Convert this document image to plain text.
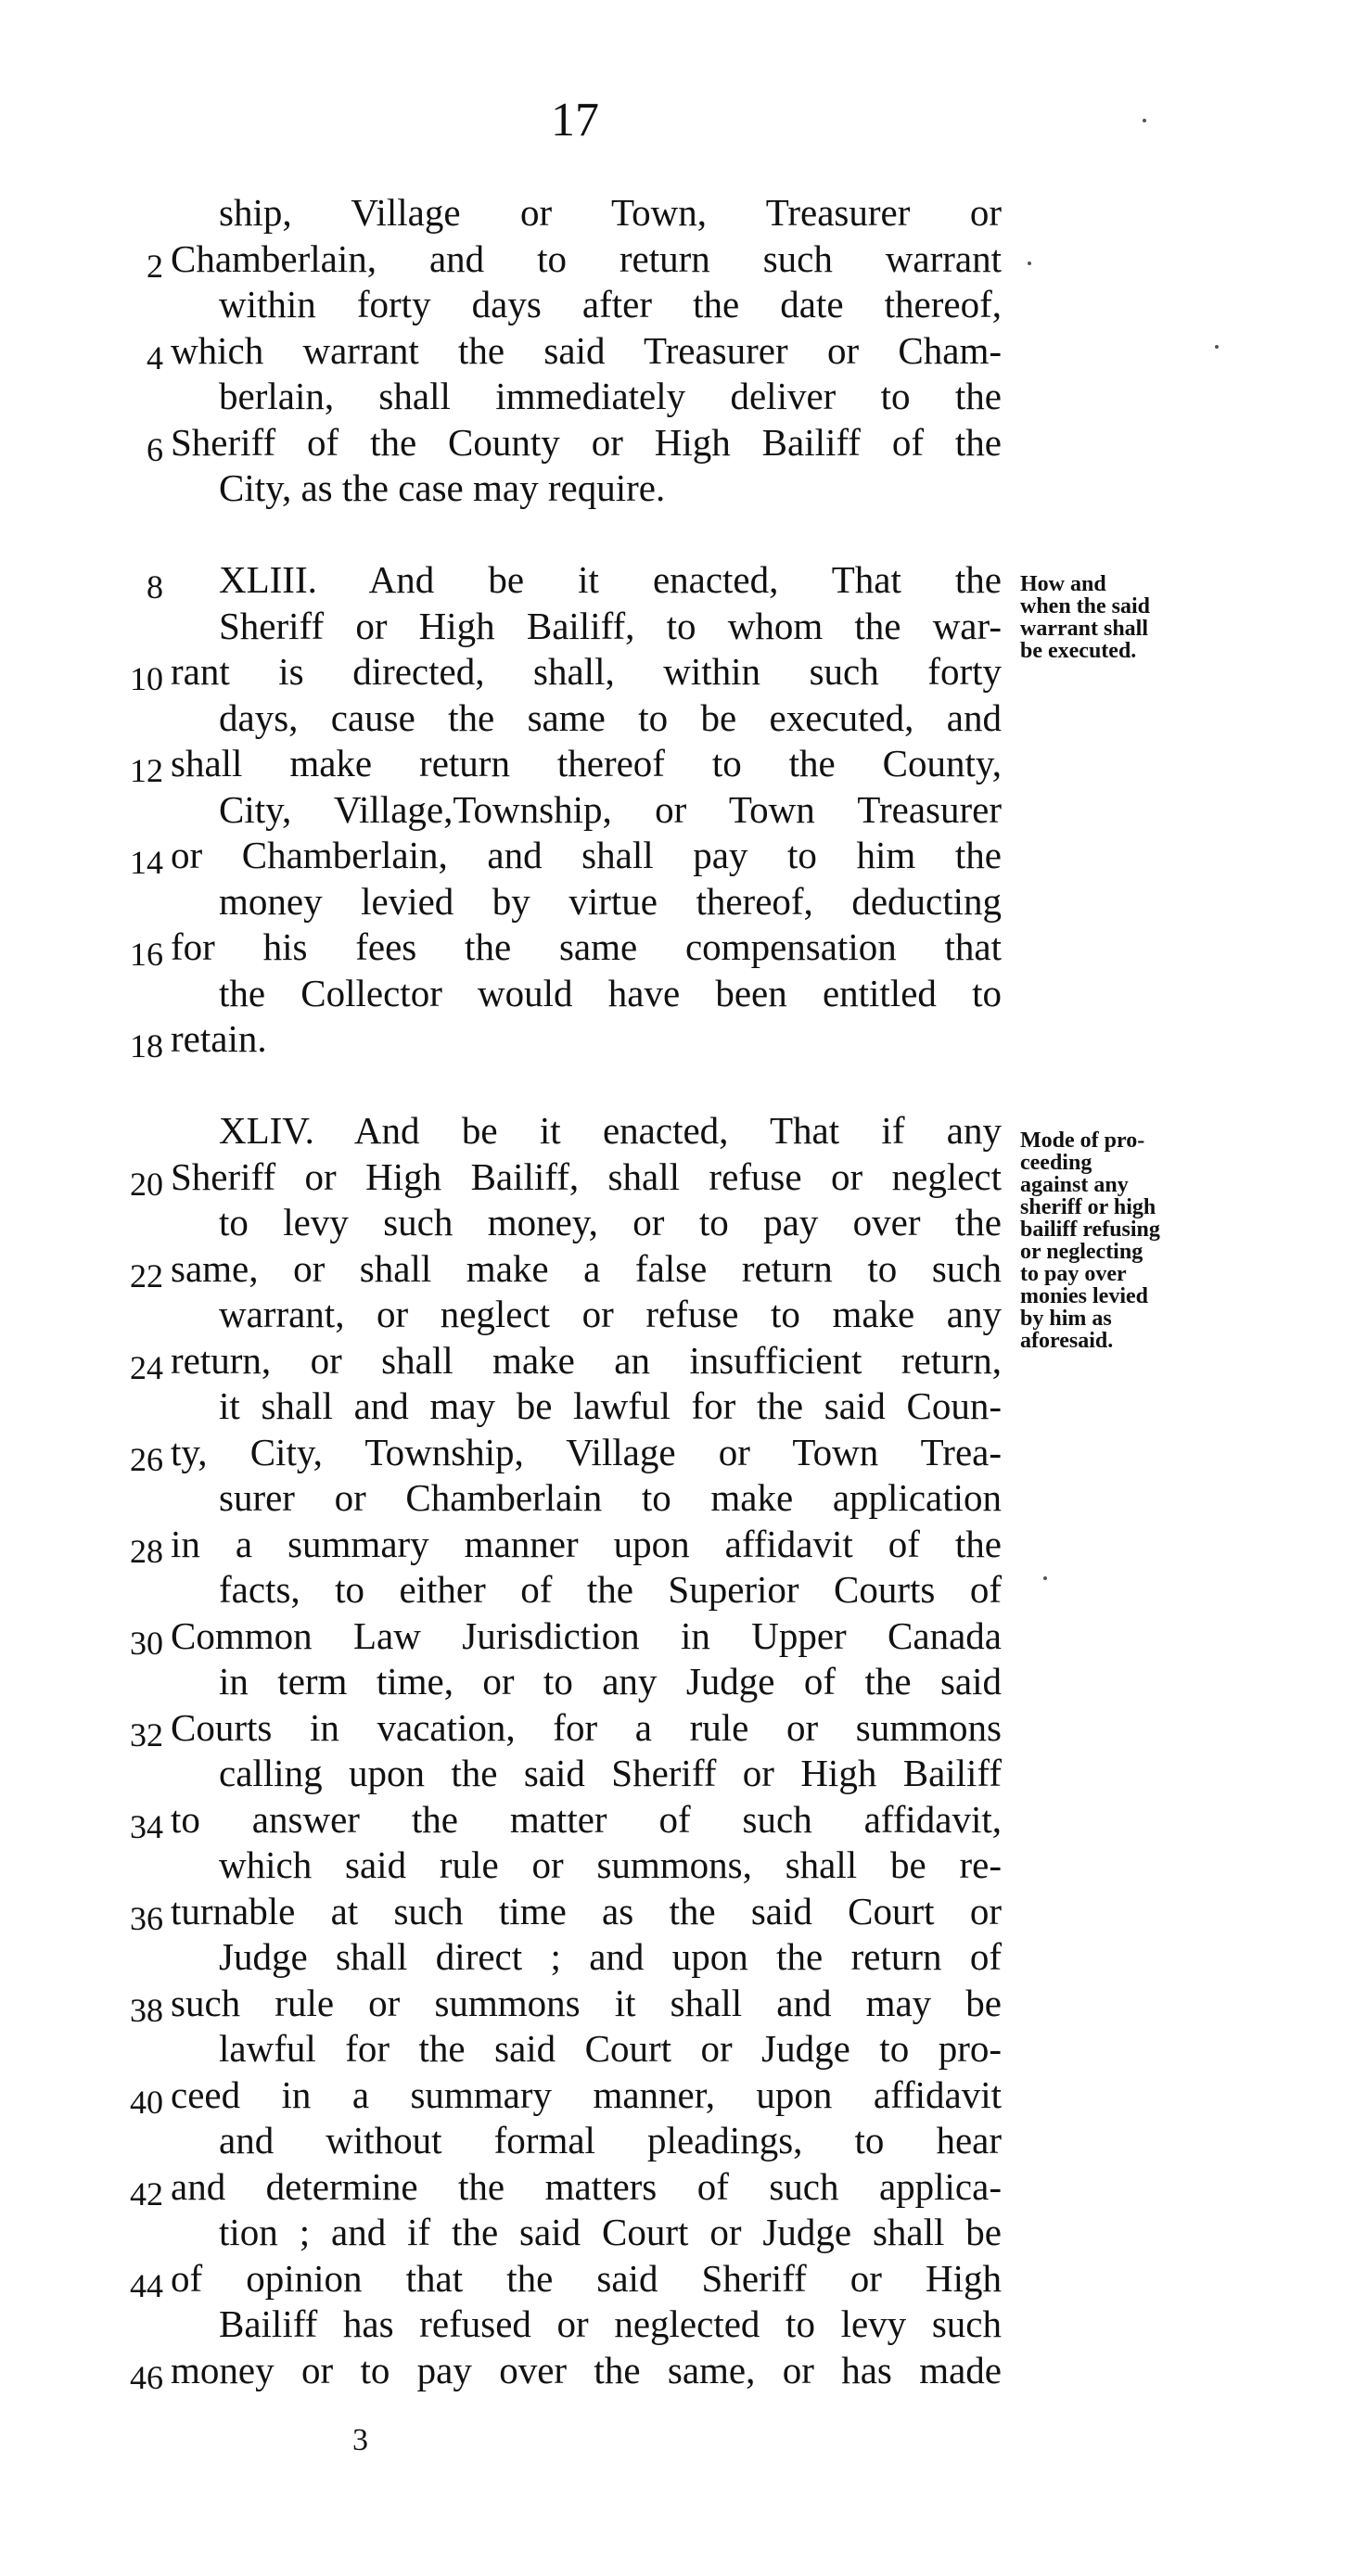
17
ship, Village or Town, Treasurer or
2 Chamberlain, and to return such warrant
within forty days after the date thereof,
4 which warrant the said Treasurer or Cham-
berlain, shall immediately deliver to the
6 Sheriff of the County or High Bailiff of the
City, as the case may require.
8 XLIII. And be it enacted, That the
Sheriff or High Bailiff, to whom the war-
10 rant is directed, shall, within such forty
days, cause the same to be executed, and
12 shall make return thereof to the County,
City, Village,Township, or Town Treasurer
14 or Chamberlain, and shall pay to him the
money levied by virtue thereof, deducting
16 for his fees the same compensation that
the Collector would have been entitled to
18 retain.
XLIV. And be it enacted, That if any
20 Sheriff or High Bailiff, shall refuse or neglect
to levy such money, or to pay over the
22 same, or shall make a false return to such
warrant, or neglect or refuse to make any
24 return, or shall make an insufficient return,
it shall and may be lawful for the said Coun-
26 ty, City, Township, Village or Town Trea-
surer or Chamberlain to make application
28 in a summary manner upon affidavit of the
facts, to either of the Superior Courts of
30 Common Law Jurisdiction in Upper Canada
in term time, or to any Judge of the said
32 Courts in vacation, for a rule or summons
calling upon the said Sheriff or High Bailiff
34 to answer the matter of such affidavit,
which said rule or summons, shall be re-
36 turnable at such time as the said Court or
Judge shall direct ; and upon the return of
38 such rule or summons it shall and may be
lawful for the said Court or Judge to pro-
40 ceed in a summary manner, upon affidavit
and without formal pleadings, to hear
42 and determine the matters of such applica-
tion ; and if the said Court or Judge shall be
44 of opinion that the said Sheriff or High
Bailiff has refused or neglected to levy such
46 money or to pay over the same, or has made
How and
when the said
warrant shall
be executed.
Mode of pro-
ceeding
against any
sheriff or high
bailiff refusing
or neglecting
to pay over
monies levied
by him as
aforesaid.
3
